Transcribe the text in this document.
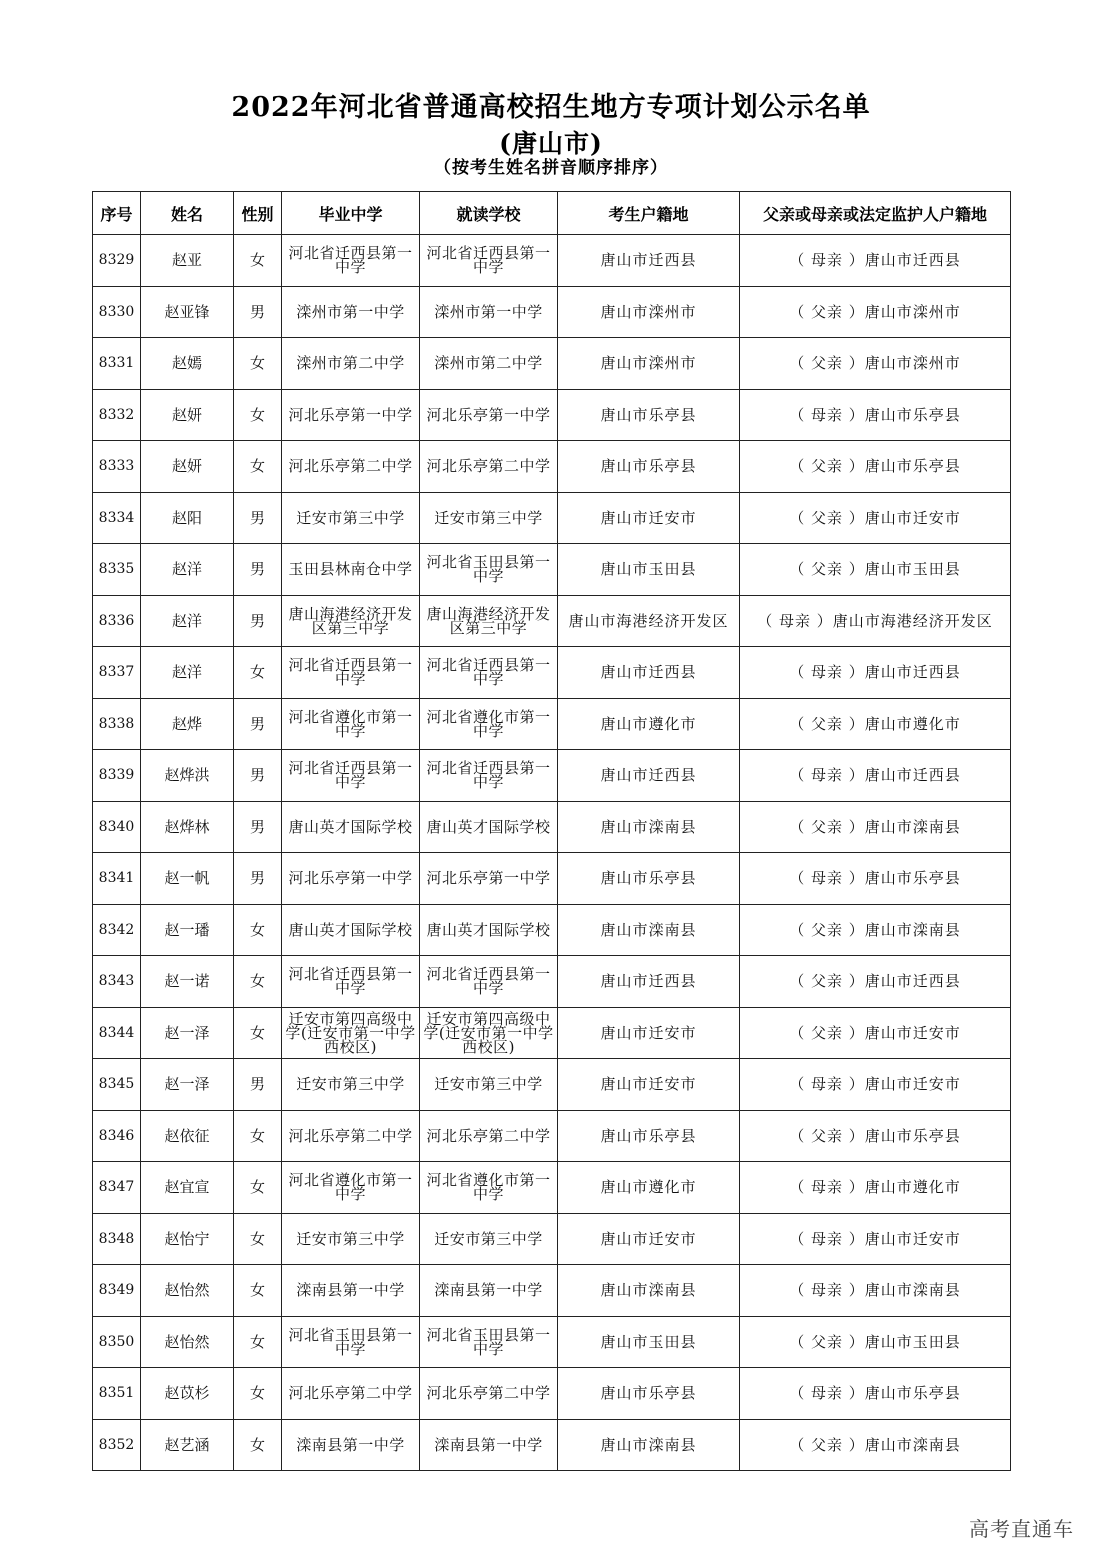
2022年河北省普通高校招生地方专项计划公示名单
(唐山市)
（按考生姓名拼音顺序排序）
序号	姓名	性别	毕业中学	就读学校	考生户籍地	父亲或母亲或法定监护人户籍地
8329	赵亚	女	河北省迁西县第一中学	河北省迁西县第一中学	唐山市迁西县	（ 母亲 ）唐山市迁西县
8330	赵亚锋	男	滦州市第一中学	滦州市第一中学	唐山市滦州市	（ 父亲 ）唐山市滦州市
8331	赵嫣	女	滦州市第二中学	滦州市第二中学	唐山市滦州市	（ 父亲 ）唐山市滦州市
8332	赵妍	女	河北乐亭第一中学	河北乐亭第一中学	唐山市乐亭县	（ 母亲 ）唐山市乐亭县
8333	赵妍	女	河北乐亭第二中学	河北乐亭第二中学	唐山市乐亭县	（ 父亲 ）唐山市乐亭县
8334	赵阳	男	迁安市第三中学	迁安市第三中学	唐山市迁安市	（ 父亲 ）唐山市迁安市
8335	赵洋	男	玉田县林南仓中学	河北省玉田县第一中学	唐山市玉田县	（ 父亲 ）唐山市玉田县
8336	赵洋	男	唐山海港经济开发区第三中学	唐山海港经济开发区第三中学	唐山市海港经济开发区	（ 母亲 ）唐山市海港经济开发区
8337	赵洋	女	河北省迁西县第一中学	河北省迁西县第一中学	唐山市迁西县	（ 母亲 ）唐山市迁西县
8338	赵烨	男	河北省遵化市第一中学	河北省遵化市第一中学	唐山市遵化市	（ 父亲 ）唐山市遵化市
8339	赵烨洪	男	河北省迁西县第一中学	河北省迁西县第一中学	唐山市迁西县	（ 母亲 ）唐山市迁西县
8340	赵烨林	男	唐山英才国际学校	唐山英才国际学校	唐山市滦南县	（ 父亲 ）唐山市滦南县
8341	赵一帆	男	河北乐亭第一中学	河北乐亭第一中学	唐山市乐亭县	（ 母亲 ）唐山市乐亭县
8342	赵一璠	女	唐山英才国际学校	唐山英才国际学校	唐山市滦南县	（ 父亲 ）唐山市滦南县
8343	赵一诺	女	河北省迁西县第一中学	河北省迁西县第一中学	唐山市迁西县	（ 父亲 ）唐山市迁西县
8344	赵一泽	女	迁安市第四高级中学(迁安市第一中学西校区)	迁安市第四高级中学(迁安市第一中学西校区)	唐山市迁安市	（ 父亲 ）唐山市迁安市
8345	赵一泽	男	迁安市第三中学	迁安市第三中学	唐山市迁安市	（ 母亲 ）唐山市迁安市
8346	赵依征	女	河北乐亭第二中学	河北乐亭第二中学	唐山市乐亭县	（ 父亲 ）唐山市乐亭县
8347	赵宜宣	女	河北省遵化市第一中学	河北省遵化市第一中学	唐山市遵化市	（ 母亲 ）唐山市遵化市
8348	赵怡宁	女	迁安市第三中学	迁安市第三中学	唐山市迁安市	（ 母亲 ）唐山市迁安市
8349	赵怡然	女	滦南县第一中学	滦南县第一中学	唐山市滦南县	（ 母亲 ）唐山市滦南县
8350	赵怡然	女	河北省玉田县第一中学	河北省玉田县第一中学	唐山市玉田县	（ 父亲 ）唐山市玉田县
8351	赵苡杉	女	河北乐亭第二中学	河北乐亭第二中学	唐山市乐亭县	（ 母亲 ）唐山市乐亭县
8352	赵艺涵	女	滦南县第一中学	滦南县第一中学	唐山市滦南县	（ 父亲 ）唐山市滦南县
高考直通车
